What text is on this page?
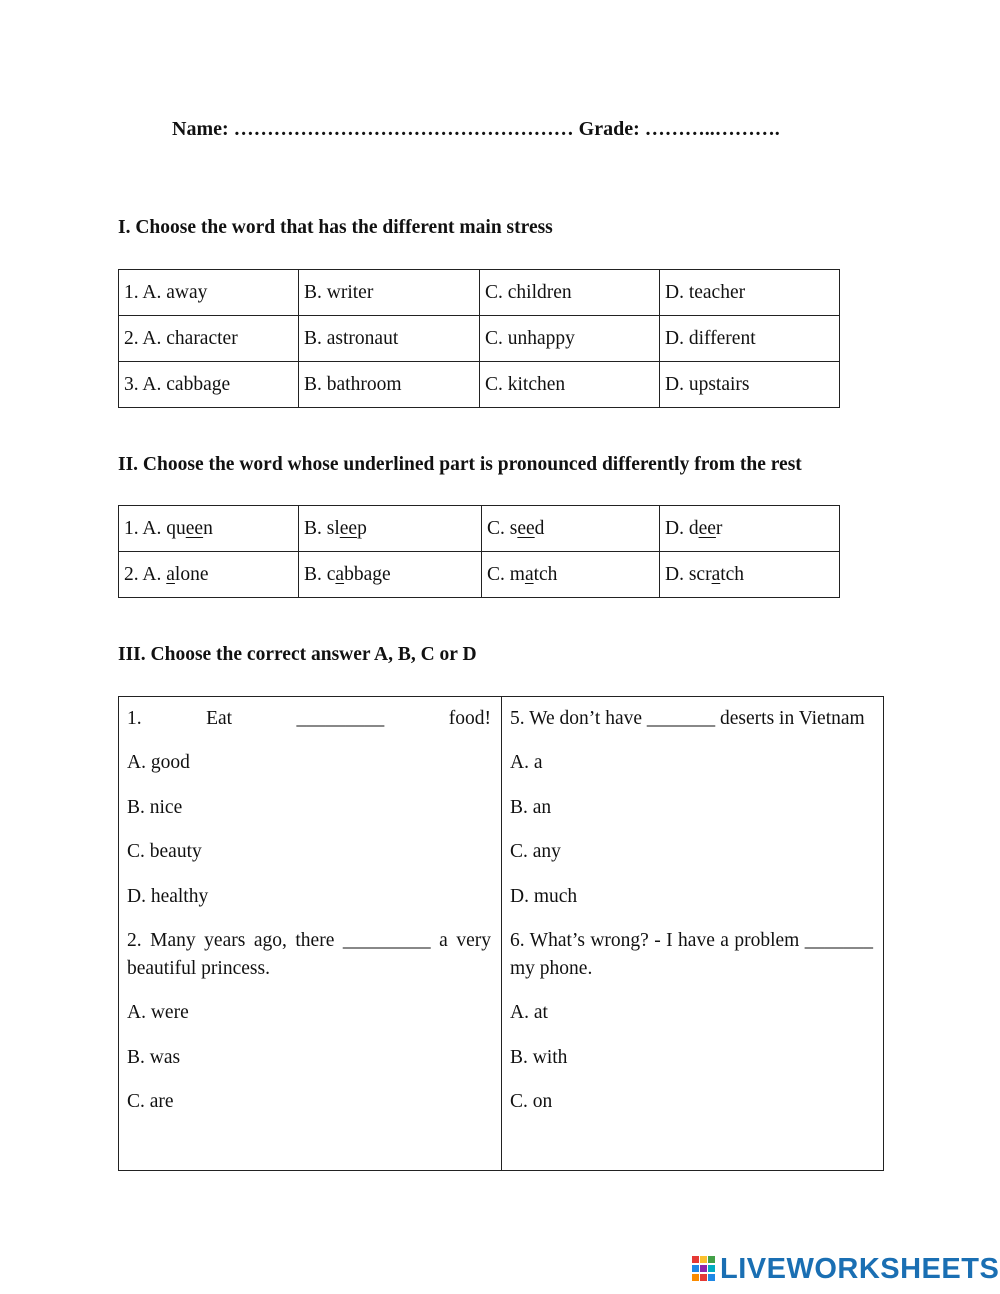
Name: …………………………………………… Grade: ………..……….
I. Choose the word that has the different main stress
1. A. away	B. writer	C. children	D. teacher
2. A. character	B. astronaut	C. unhappy	D. different
3. A. cabbage	B. bathroom	C. kitchen	D. upstairs
II. Choose the word whose underlined part is pronounced differently from the rest
1. A. queen	B. sleep	C. seed	D. deer
2. A. alone	B. cabbage	C. match	D. scratch
III. Choose the correct answer A, B, C or D
1. Eat _________ food!
A. good
B. nice
C. beauty
D. healthy
2. Many years ago, there _________ a very beautiful princess.
A. were
B. was
C. are
5. We don’t have _______ deserts in Vietnam
A. a
B. an
C. any
D. much
6. What’s wrong? - I have a problem _______ my phone.
A. at
B. with
C. on
LIVEWORKSHEETS
